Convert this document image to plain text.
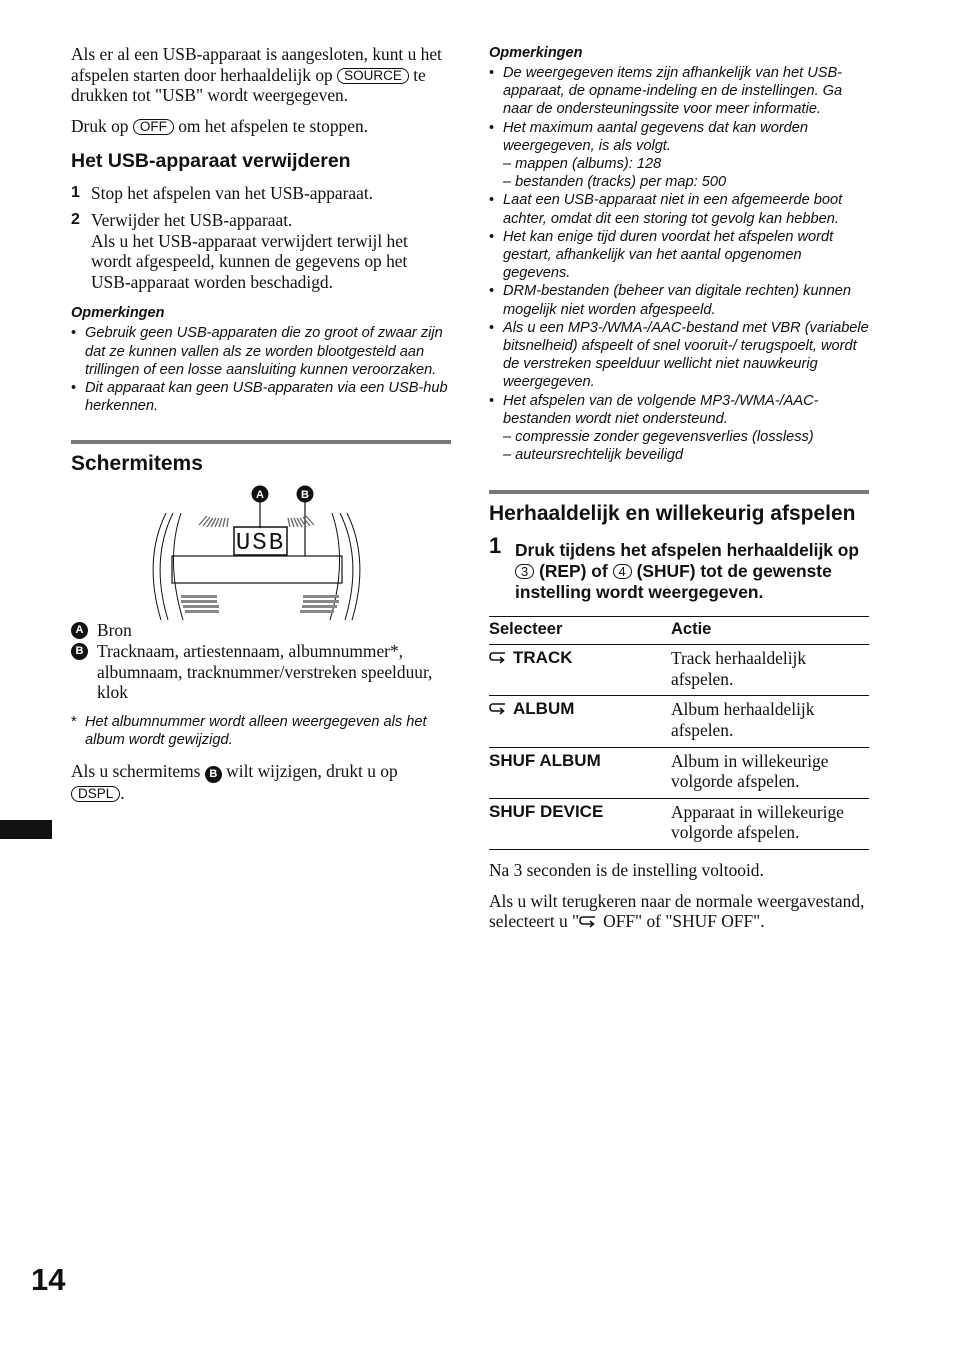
Als er al een USB-apparaat is aangesloten, kunt u het afspelen starten door herhaaldelijk op SOURCE te drukken tot "USB" wordt weergegeven.

Druk op OFF om het afspelen te stoppen.

Het USB-apparaat verwijderen
1 Stop het afspelen van het USB-apparaat.
2 Verwijder het USB-apparaat.
Als u het USB-apparaat verwijdert terwijl het wordt afgespeeld, kunnen de gegevens op het USB-apparaat worden beschadigd.
Opmerkingen
• Gebruik geen USB-apparaten die zo groot of zwaar zijn dat ze kunnen vallen als ze worden blootgesteld aan trillingen of een losse aansluiting kunnen veroorzaken.
• Dit apparaat kan geen USB-apparaten via een USB-hub herkennen.
Schermitems
A	B
USB
A Bron
B Tracknaam, artiestennaam, albumnummer*, albumnaam, tracknummer/verstreken speelduur, klok
* Het albumnummer wordt alleen weergegeven als het album wordt gewijzigd.

Als u schermitems B wilt wijzigen, drukt u op DSPL .

Opmerkingen
• De weergegeven items zijn afhankelijk van het USB-apparaat, de opname-indeling en de instellingen. Ga naar de ondersteuningssite voor meer informatie.
• Het maximum aantal gegevens dat kan worden weergegeven, is als volgt.
– mappen (albums): 128
– bestanden (tracks) per map: 500
• Laat een USB-apparaat niet in een afgemeerde boot achter, omdat dit een storing tot gevolg kan hebben.
• Het kan enige tijd duren voordat het afspelen wordt gestart, afhankelijk van het aantal opgenomen gegevens.
• DRM-bestanden (beheer van digitale rechten) kunnen mogelijk niet worden afgespeeld.
• Als u een MP3-/WMA-/AAC-bestand met VBR (variabele bitsnelheid) afspeelt of snel vooruit-/ terugspoelt, wordt de verstreken speelduur wellicht niet nauwkeurig weergegeven.
• Het afspelen van de volgende MP3-/WMA-/AAC-bestanden wordt niet ondersteund.
– compressie zonder gegevensverlies (lossless)
– auteursrechtelijk beveiligd
Herhaaldelijk en willekeurig afspelen
1 Druk tijdens het afspelen herhaaldelijk op 3 (REP) of 4 (SHUF) tot de gewenste instelling wordt weergegeven.
Selecteer	Actie
TRACK	Track herhaaldelijk afspelen.
ALBUM	Album herhaaldelijk afspelen.
SHUF ALBUM	Album in willekeurige volgorde afspelen.
SHUF DEVICE	Apparaat in willekeurige volgorde afspelen.

Na 3 seconden is de instelling voltooid.

Als u wilt terugkeren naar de normale weergavestand, selecteert u " OFF" of "SHUF OFF".

14
